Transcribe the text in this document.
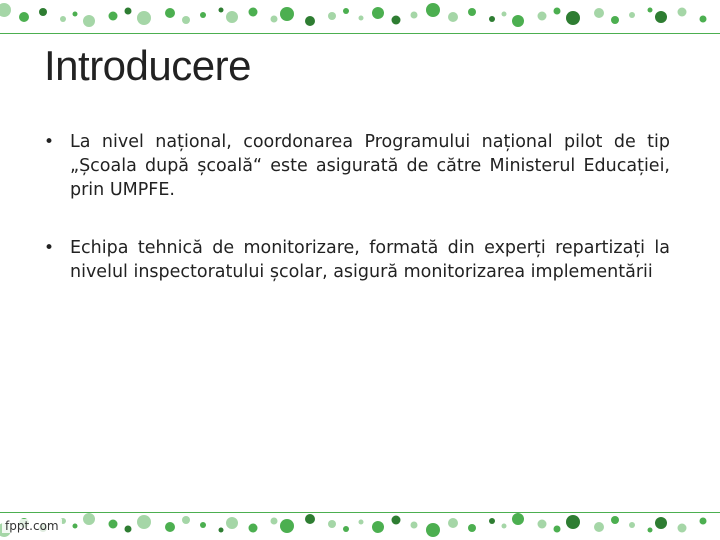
Introducere
• La nivel național, coordonarea Programului național pilot de tip „Școala după școală“ este asigurată de către Ministerul Educației, prin UMPFE.
• Echipa tehnică de monitorizare, formată din experți repartizați la nivelul inspectoratului școlar, asigură monitorizarea implementării
fppt.com
